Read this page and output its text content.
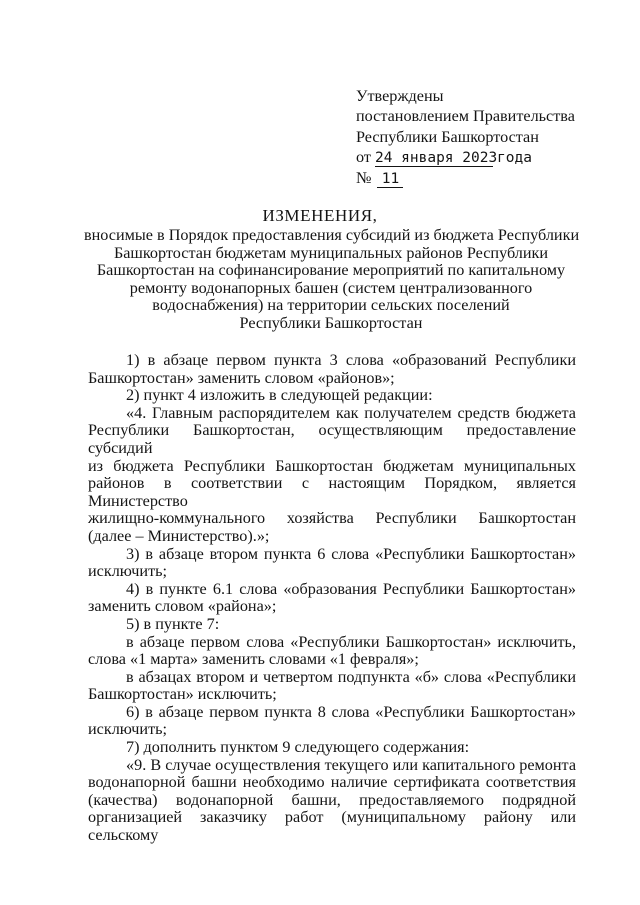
Утверждены
постановлением Правительства
Республики Башкортостан
от 24 января 2023 года
№ 11
ИЗМЕНЕНИЯ,
вносимые в Порядок предоставления субсидий из бюджета Республики
Башкортостан бюджетам муниципальных районов Республики
Башкортостан на софинансирование мероприятий по капитальному
ремонту водонапорных башен (систем централизованного
водоснабжения) на территории сельских поселений
Республики Башкортостан
1) в абзаце первом пункта 3 слова «образований Республики
Башкортостан» заменить словом «районов»;
2) пункт 4 изложить в следующей редакции:
«4. Главным распорядителем как получателем средств бюджета
Республики Башкортостан, осуществляющим предоставление субсидий
из бюджета Республики Башкортостан бюджетам муниципальных
районов в соответствии с настоящим Порядком, является Министерство
жилищно-коммунального хозяйства Республики Башкортостан
(далее – Министерство).»;
3) в абзаце втором пункта 6 слова «Республики Башкортостан»
исключить;
4) в пункте 6.1 слова «образования Республики Башкортостан»
заменить словом «района»;
5) в пункте 7:
в абзаце первом слова «Республики Башкортостан» исключить,
слова «1 марта» заменить словами «1 февраля»;
в абзацах втором и четвертом подпункта «б» слова «Республики
Башкортостан» исключить;
6) в абзаце первом пункта 8 слова «Республики Башкортостан»
исключить;
7) дополнить пунктом 9 следующего содержания:
«9. В случае осуществления текущего или капитального ремонта
водонапорной башни необходимо наличие сертификата соответствия
(качества) водонапорной башни, предоставляемого подрядной
организацией заказчику работ (муниципальному району или сельскому
